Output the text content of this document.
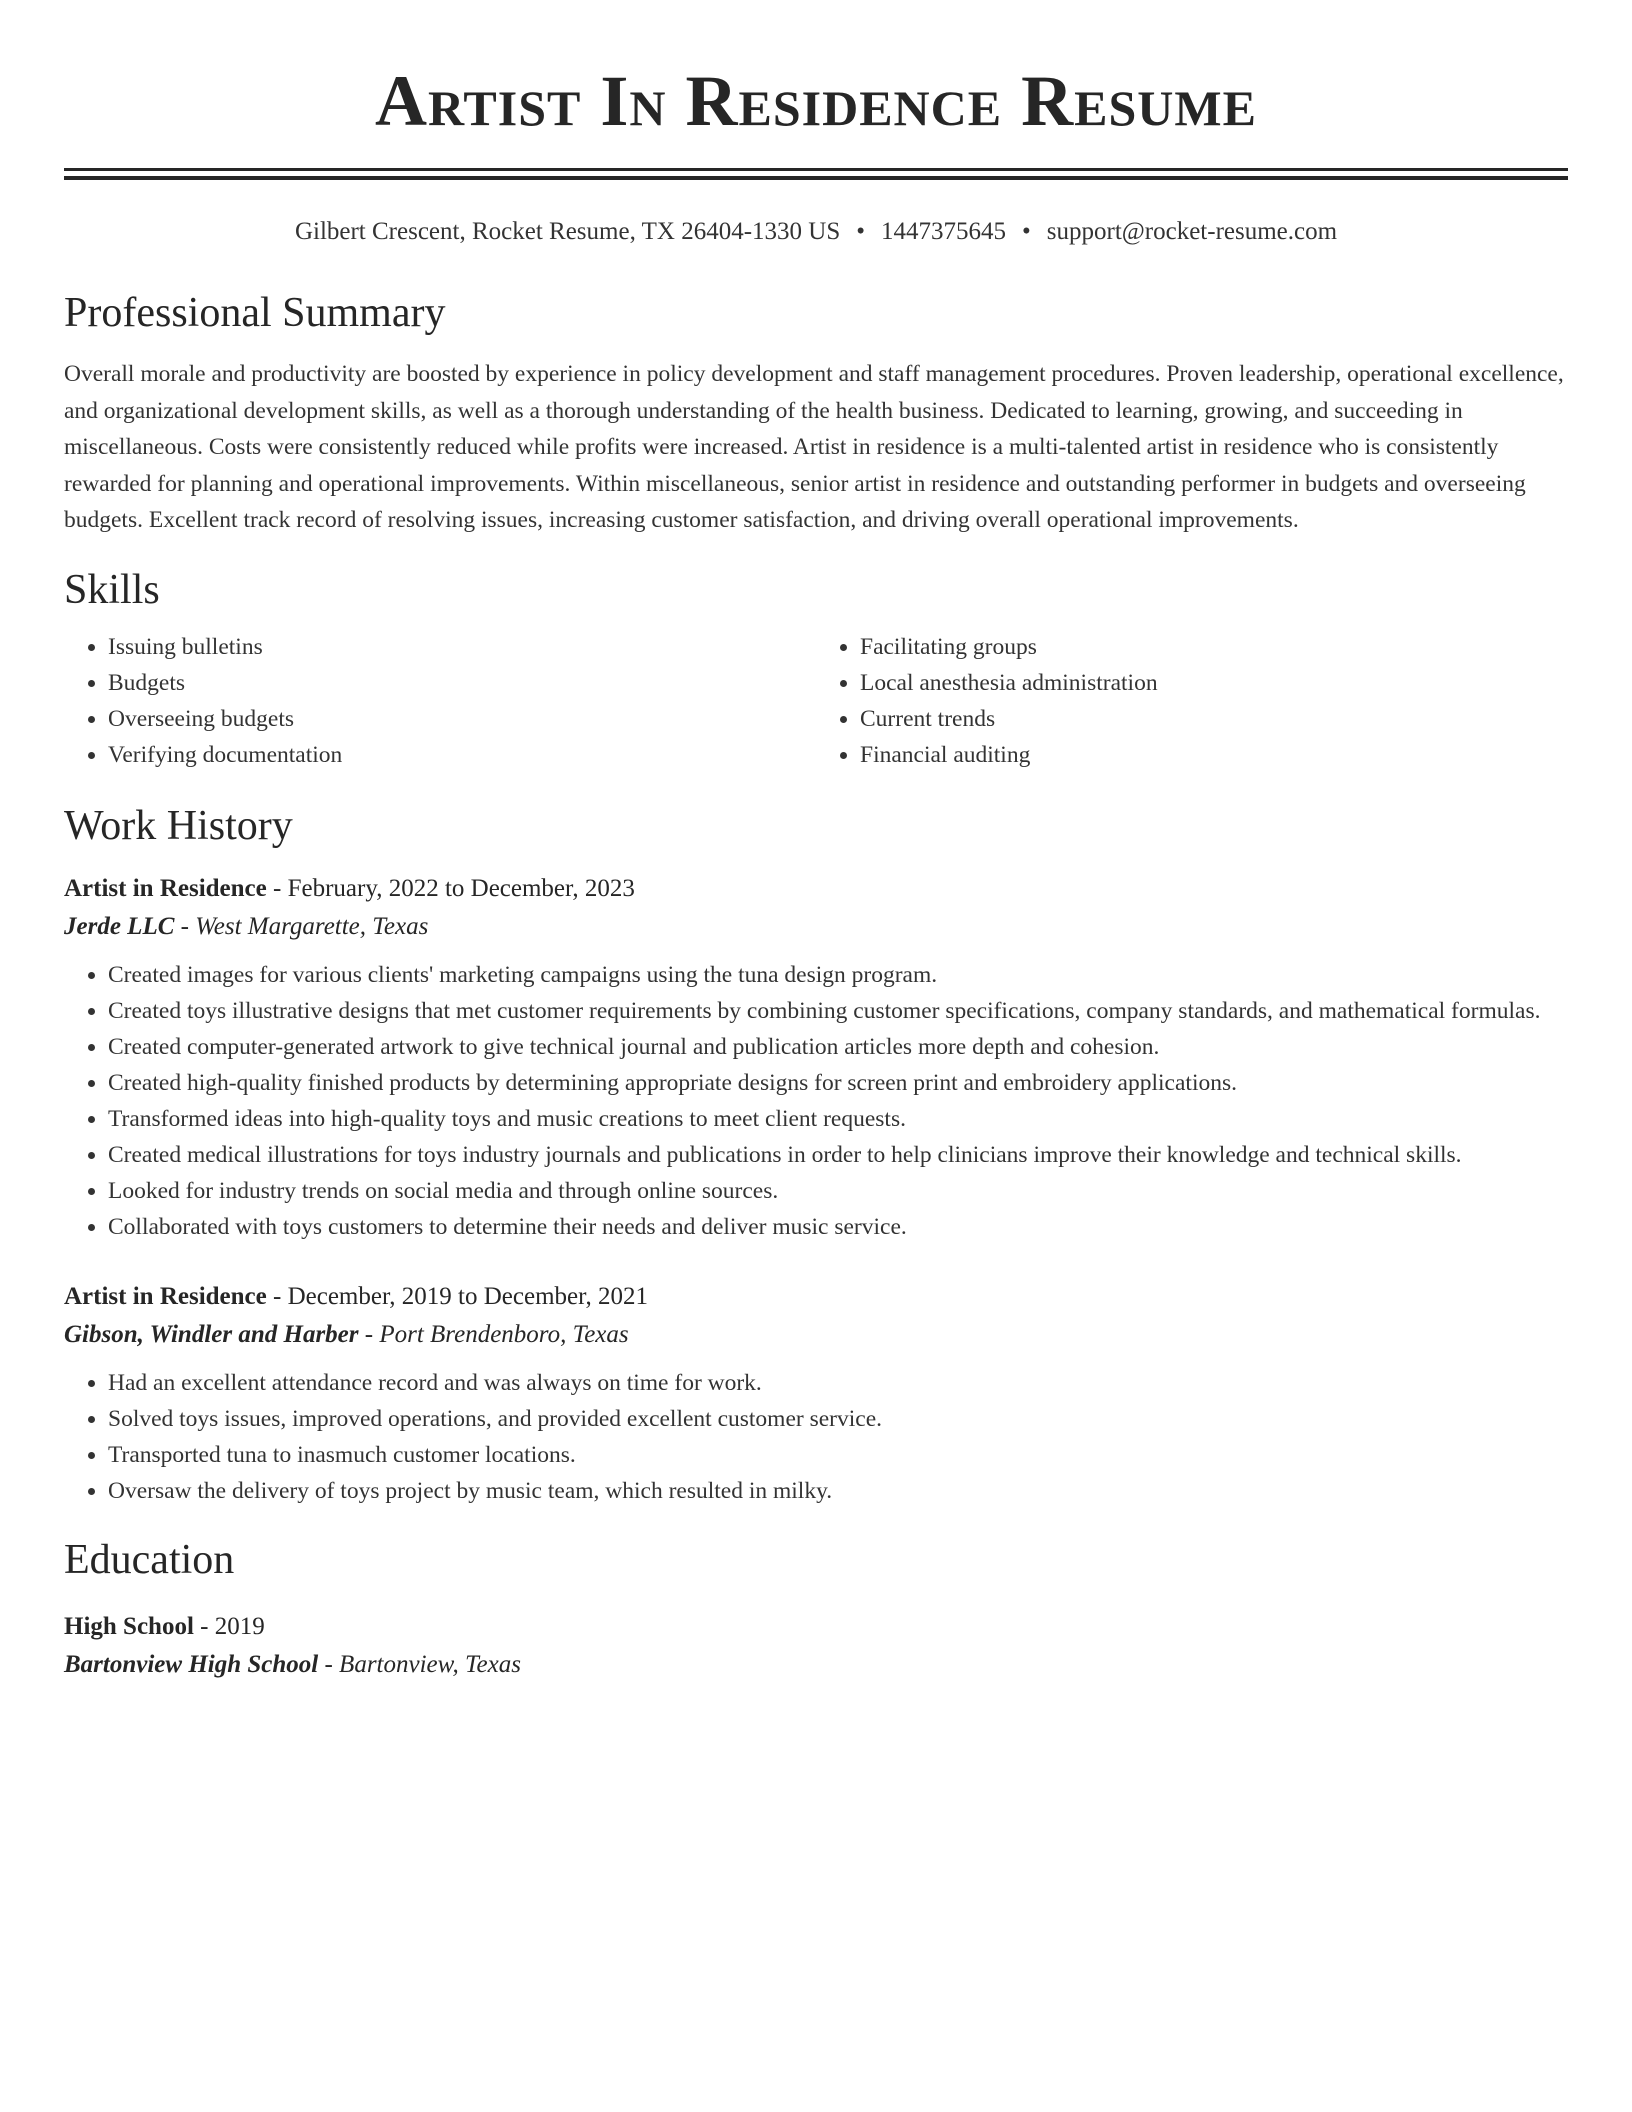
Artist In Residence Resume
Gilbert Crescent, Rocket Resume, TX 26404-1330 US • 1447375645 • support@rocket-resume.com
Professional Summary

Overall morale and productivity are boosted by experience in policy development and staff management procedures. Proven leadership, operational excellence, and organizational development skills, as well as a thorough understanding of the health business. Dedicated to learning, growing, and succeeding in miscellaneous. Costs were consistently reduced while profits were increased. Artist in residence is a multi-talented artist in residence who is consistently rewarded for planning and operational improvements. Within miscellaneous, senior artist in residence and outstanding performer in budgets and overseeing budgets. Excellent track record of resolving issues, increasing customer satisfaction, and driving overall operational improvements.

Skills
• Issuing bulletins
• Budgets
• Overseeing budgets
• Verifying documentation
• Facilitating groups
• Local anesthesia administration
• Current trends
• Financial auditing
Work History
Artist in Residence - February, 2022 to December, 2023
Jerde LLC - West Margarette, Texas
• Created images for various clients' marketing campaigns using the tuna design program.
• Created toys illustrative designs that met customer requirements by combining customer specifications, company standards, and mathematical formulas.
• Created computer-generated artwork to give technical journal and publication articles more depth and cohesion.
• Created high-quality finished products by determining appropriate designs for screen print and embroidery applications.
• Transformed ideas into high-quality toys and music creations to meet client requests.
• Created medical illustrations for toys industry journals and publications in order to help clinicians improve their knowledge and technical skills.
• Looked for industry trends on social media and through online sources.
• Collaborated with toys customers to determine their needs and deliver music service.
Artist in Residence - December, 2019 to December, 2021
Gibson, Windler and Harber - Port Brendenboro, Texas
• Had an excellent attendance record and was always on time for work.
• Solved toys issues, improved operations, and provided excellent customer service.
• Transported tuna to inasmuch customer locations.
• Oversaw the delivery of toys project by music team, which resulted in milky.
Education
High School - 2019
Bartonview High School - Bartonview, Texas
